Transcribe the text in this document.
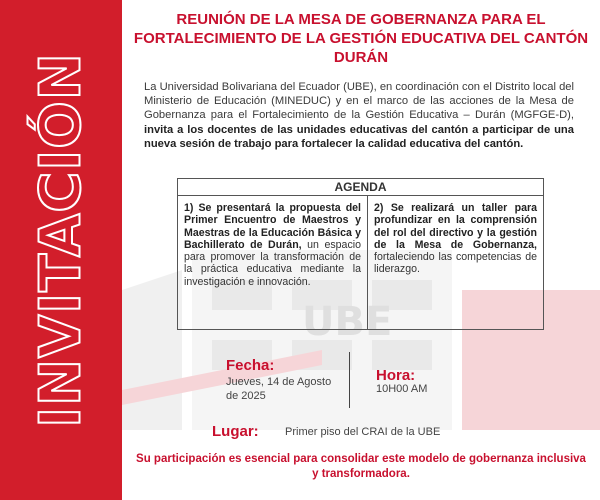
INVITACIÓN	UBE
REUNIÓN DE LA MESA DE GOBERNANZA PARA EL FORTALECIMIENTO DE LA GESTIÓN EDUCATIVA DEL CANTÓN DURÁN
La Universidad Bolivariana del Ecuador (UBE), en coordinación con el Distrito local del Ministerio de Educación (MINEDUC) y en el marco de las acciones de la Mesa de Gobernanza para el Fortalecimiento de la Gestión Educativa – Durán (MGFGE-D), invita a los docentes de las unidades educativas del cantón a participar de una nueva sesión de trabajo para fortalecer la calidad educativa del cantón.
AGENDA
1) Se presentará la propuesta del Primer Encuentro de Maestros y Maestras de la Educación Básica y Bachillerato de Durán, un espacio para promover la transformación de la práctica educativa mediante la investigación e innovación.
2) Se realizará un taller para profundizar en la comprensión del rol del directivo y la gestión de la Mesa de Gobernanza, fortaleciendo las competencias de liderazgo.
Fecha:
Jueves, 14 de Agosto de 2025
Hora:
10H00 AM
Lugar: Primer piso del CRAI de la UBE
Su participación es esencial para consolidar este modelo de gobernanza inclusiva y transformadora.
